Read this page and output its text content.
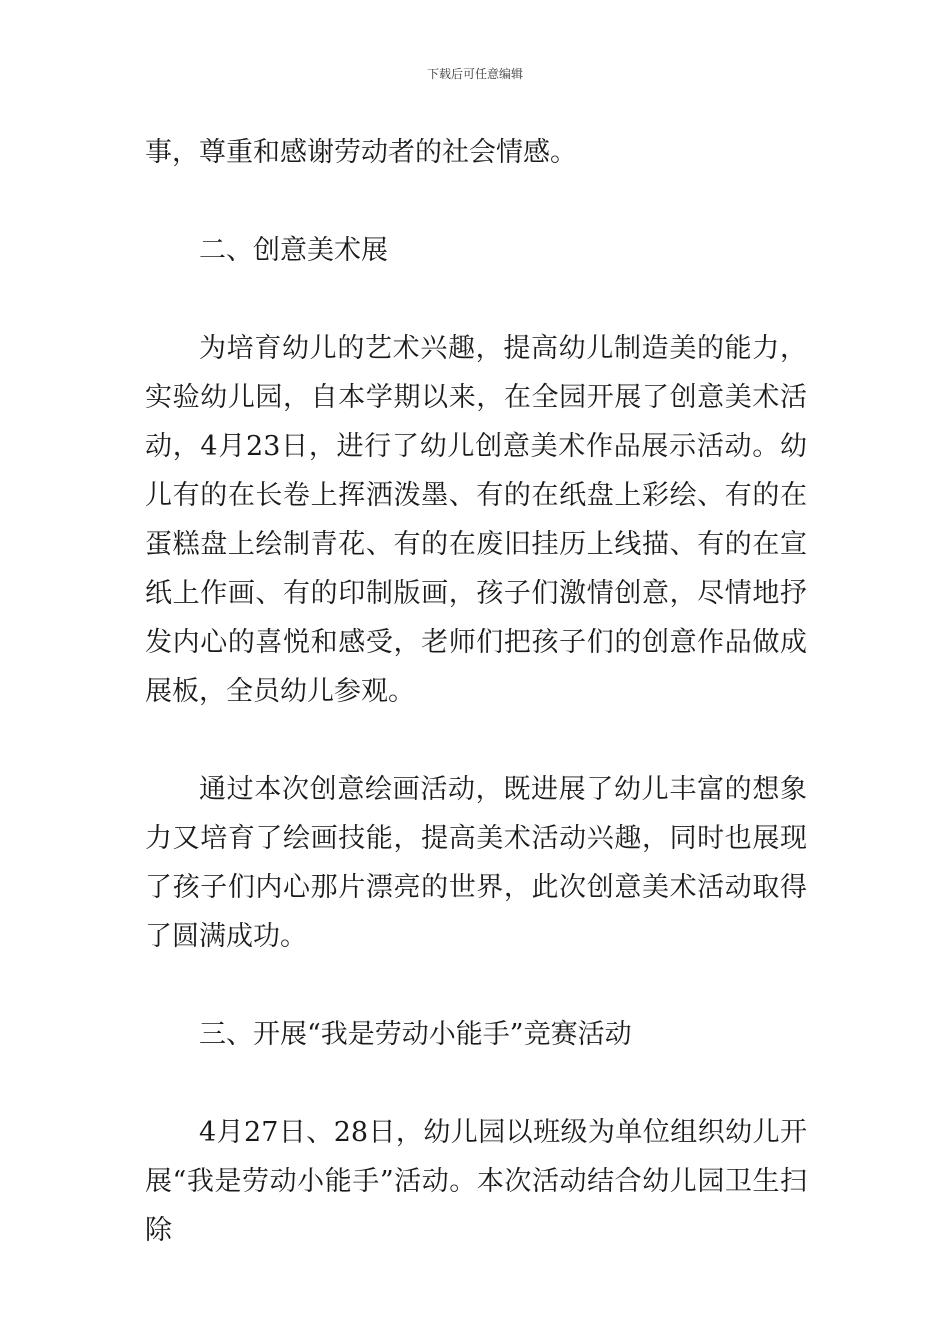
下载后可任意编辑

事，尊重和感谢劳动者的社会情感。

二、创意美术展

为培育幼儿的艺术兴趣，提高幼儿制造美的能力，实验幼儿园，自本学期以来，在全园开展了创意美术活动，4月23日，进行了幼儿创意美术作品展示活动。幼儿有的在长卷上挥洒泼墨、有的在纸盘上彩绘、有的在蛋糕盘上绘制青花、有的在废旧挂历上线描、有的在宣纸上作画、有的印制版画，孩子们激情创意，尽情地抒发内心的喜悦和感受，老师们把孩子们的创意作品做成展板，全员幼儿参观。

通过本次创意绘画活动，既进展了幼儿丰富的想象力又培育了绘画技能，提高美术活动兴趣，同时也展现了孩子们内心那片漂亮的世界，此次创意美术活动取得了圆满成功。

三、开展“我是劳动小能手”竞赛活动

4月27日、28日，幼儿园以班级为单位组织幼儿开展“我是劳动小能手”活动。本次活动结合幼儿园卫生扫除
